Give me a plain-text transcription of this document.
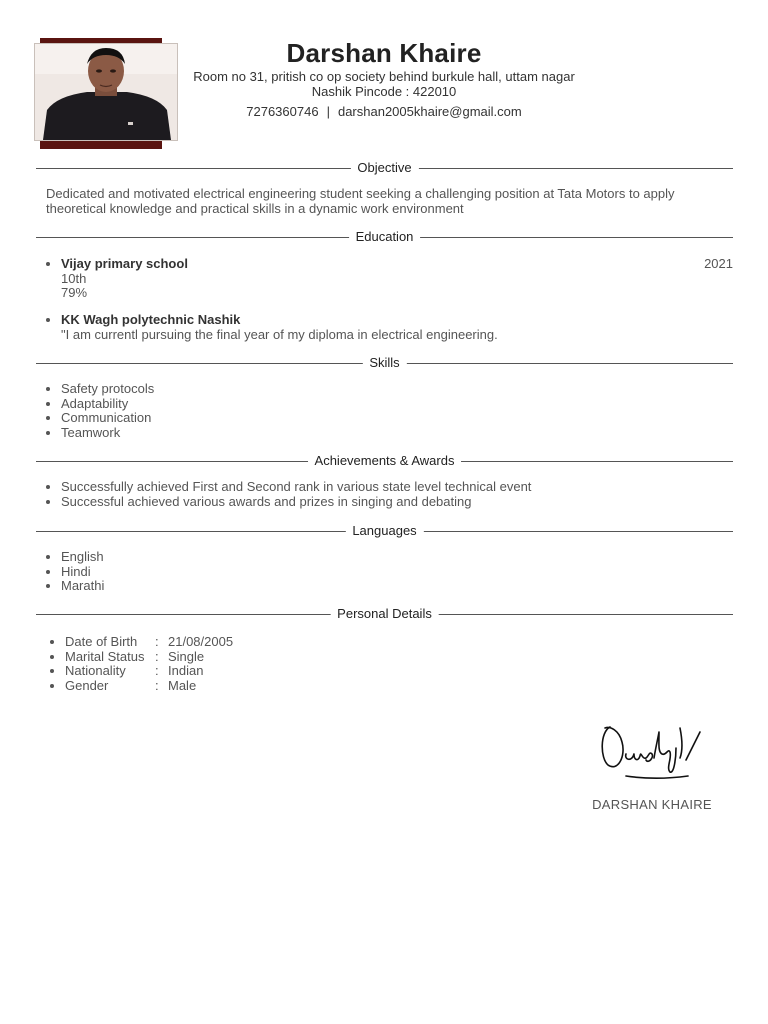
Darshan Khaire
Room no 31, pritish co op society behind burkule hall, uttam nagar
Nashik Pincode : 422010
7276360746 | darshan2005khaire@gmail.com
Objective
Dedicated and motivated electrical engineering student seeking a challenging position at Tata Motors to apply theoretical knowledge and practical skills in a dynamic work environment
Education
• Vijay primary school
10th
79%
2021
• KK Wagh polytechnic Nashik
"I am currentl pursuing the final year of my diploma in electrical engineering.
Skills
• Safety protocols
• Adaptability
• Communication
• Teamwork
Achievements & Awards
• Successfully achieved First and Second rank in various state level technical event
• Successful achieved various awards and prizes in singing and debating
Languages
• English
• Hindi
• Marathi
Personal Details
• Date of Birth : 21/08/2005
• Marital Status : Single
• Nationality : Indian
• Gender	: Male
DARSHAN KHAIRE
